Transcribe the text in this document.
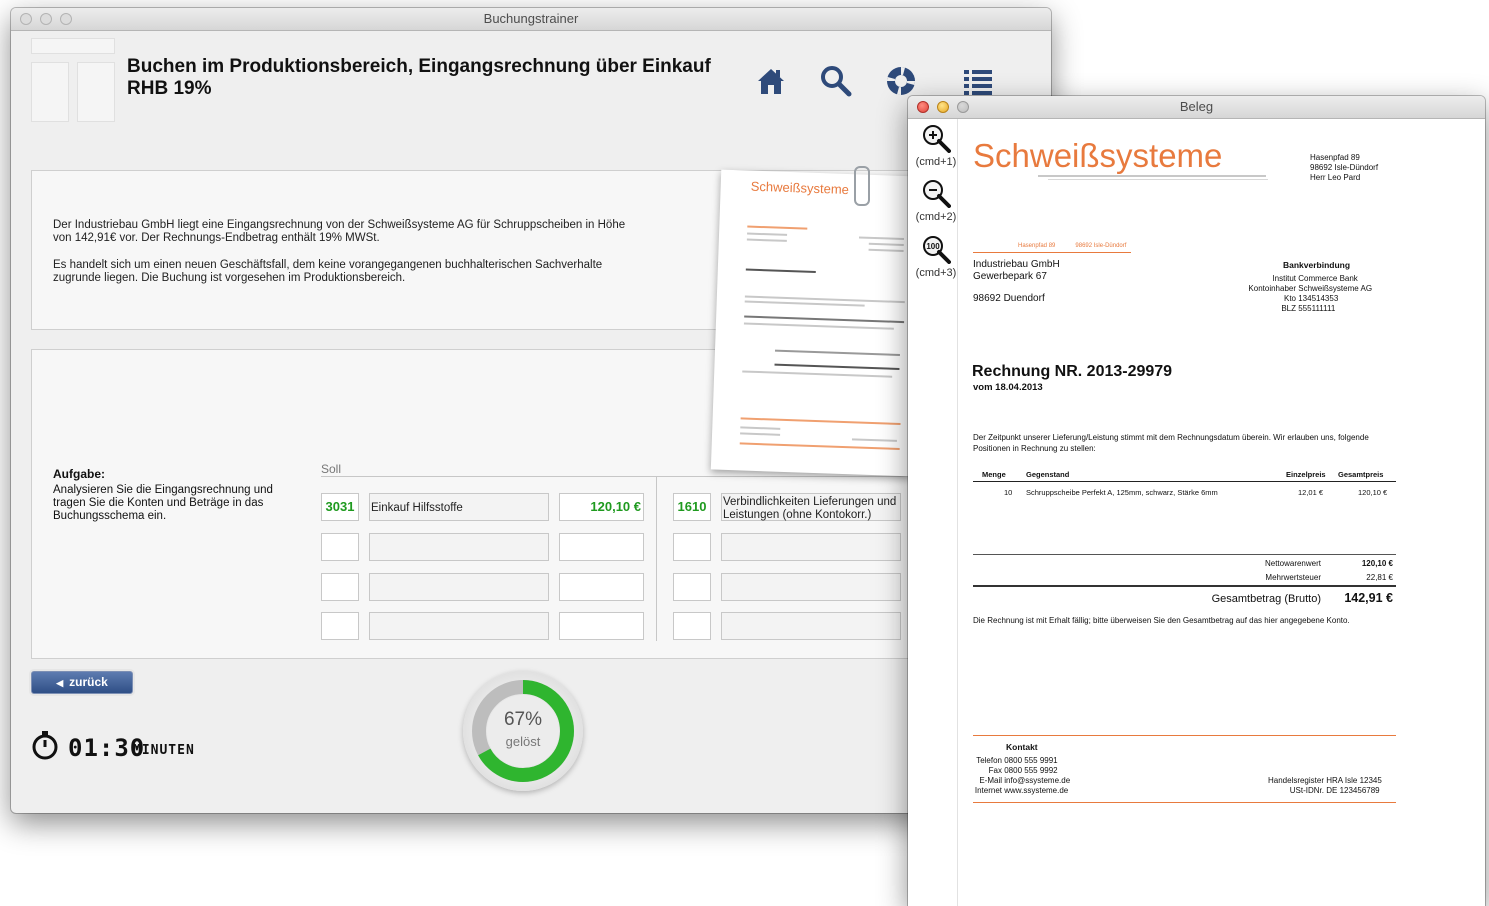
Buchungstrainer
Buchen im Produktionsbereich, Eingangsrechnung über Einkauf RHB 19%
Der Industriebau GmbH liegt eine Eingangsrechnung von der Schweißsysteme AG für Schruppscheiben in Höhe von 142,91€ vor. Der Rechnungs-Endbetrag enthält 19% MWSt.
Es handelt sich um einen neuen Geschäftsfall, dem keine vorangegangenen buchhalterischen Sachverhalte zugrunde liegen. Die Buchung ist vorgesehen im Produktionsbereich.
Aufgabe:
Analysieren Sie die Eingangsrechnung und tragen Sie die Konten und Beträge in das Buchungsschema ein.
Soll
3031	Einkauf Hilfsstoffe	120,10 €	1610	Verbindlichkeiten Lieferungen und Leistungen (ohne Kontokorr.)
Schweißsysteme
◀ zurück
01:30
MINUTEN
67%
gelöst
Beleg
(cmd+1)
(cmd+2)
100
(cmd+3)
Schweißsysteme	Hasenpfad 89
98692 Isle-Dündorf
Herr Leo Pard
Hasenpfad 89	98692 Isle-Dündorf
Industriebau GmbH
Gewerbepark 67
98692 Duendorf
Bankverbindung
Institut Commerce Bank
Kontoinhaber Schweißsysteme AG
Kto 134514353
BLZ 555111111
Rechnung NR. 2013-29979
vom 18.04.2013
Der Zeitpunkt unserer Lieferung/Leistung stimmt mit dem Rechnungsdatum überein. Wir erlauben uns, folgende Positionen in Rechnung zu stellen:
Menge	Gegenstand	Einzelpreis Gesamtpreis
10 Schruppscheibe Perfekt A, 125mm, schwarz, Stärke 6mm	12,01 €	120,10 €
Nettowarenwert	120,10 €
Mehrwertsteuer	22,81 €
Gesamtbetrag (Brutto)	142,91 €
Die Rechnung ist mit Erhalt fällig; bitte überweisen Sie den Gesamtbetrag auf das hier angegebene Konto.
Kontakt
Telefon 0800 555 9991
Fax 0800 555 9992
E-Mail info@ssysteme.de
Internet www.ssysteme.de
Handelsregister HRA Isle 12345
USt-IDNr. DE 123456789
